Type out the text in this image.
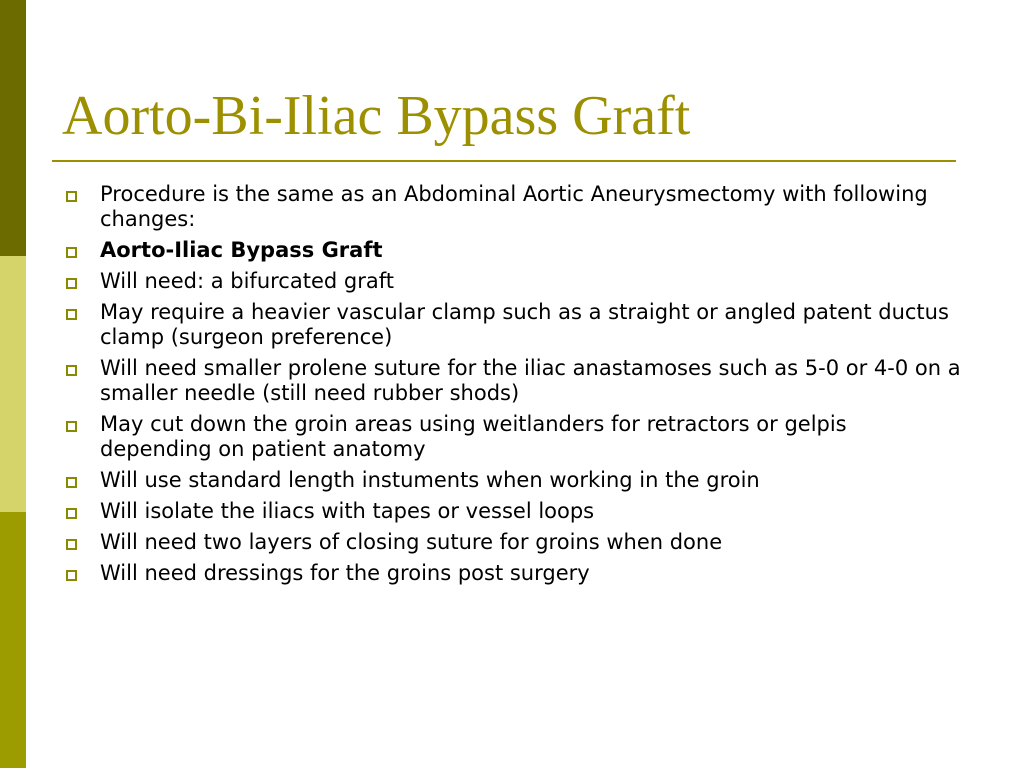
Aorto-Bi-Iliac Bypass Graft
Procedure is the same as an Abdominal Aortic Aneurysmectomy with following changes:
Aorto-Iliac Bypass Graft
Will need: a bifurcated graft
May require a heavier vascular clamp such as a straight or angled patent ductus clamp (surgeon preference)
Will need smaller prolene suture for the iliac anastamoses such as 5-0 or 4-0 on a smaller needle (still need rubber shods)
May cut down the groin areas using weitlanders for retractors or gelpis depending on patient anatomy
Will use standard length instuments when working in the groin
Will isolate the iliacs with tapes or vessel loops
Will need two layers of closing suture for groins when done
Will need dressings for the groins post surgery
